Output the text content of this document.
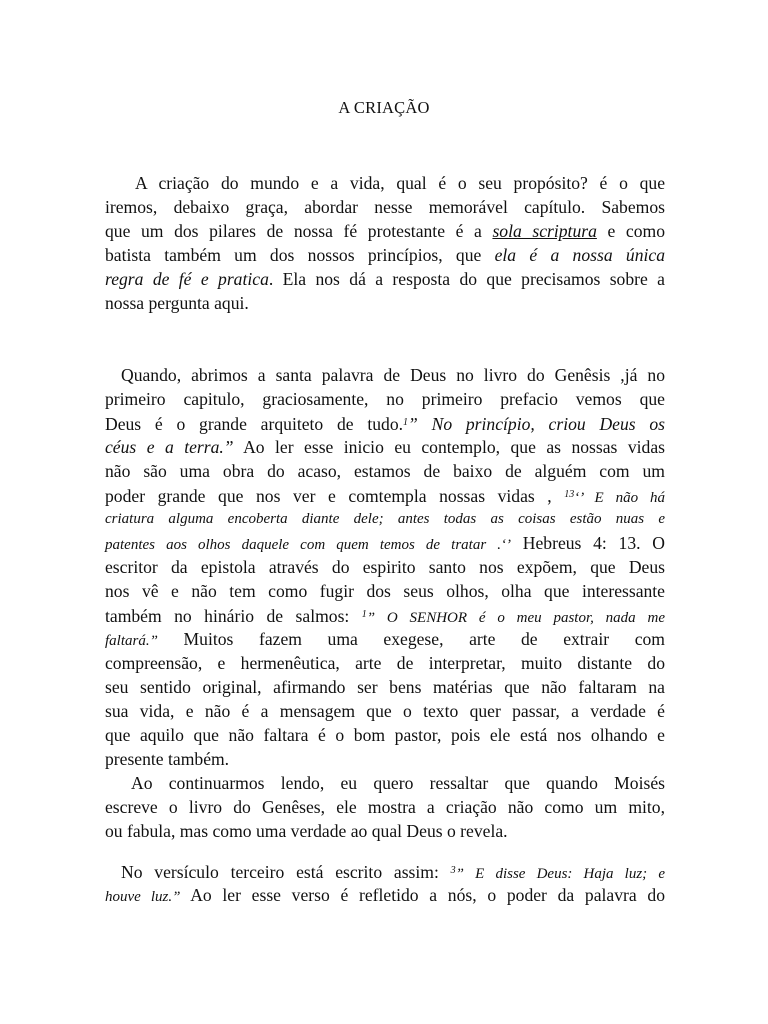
A CRIAÇÃO
A criação do mundo e a vida, qual é o seu propósito? é o que
iremos, debaixo graça, abordar nesse memorável capítulo. Sabemos
que um dos pilares de nossa fé protestante é a sola scriptura e como
batista também um dos nossos princípios, que ela é a nossa única
regra de fé e pratica. Ela nos dá a resposta do que precisamos sobre a
nossa pergunta aqui.
Quando, abrimos a santa palavra de Deus no livro do Genêsis ,já no
primeiro capitulo, graciosamente, no primeiro prefacio vemos que
Deus é o grande arquiteto de tudo.$^1$” No princípio, criou Deus os
céus e a terra.” Ao ler esse inicio eu contemplo, que as nossas vidas
não são uma obra do acaso, estamos de baixo de alguém com um
poder grande que nos ver e comtempla nossas vidas , $^{13}$‘’ E não há
criatura alguma encoberta diante dele; antes todas as coisas estão nuas e
patentes aos olhos daquele com quem temos de tratar .‘’ Hebreus 4: 13. O
escritor da epistola através do espirito santo nos expõem, que Deus
nos vê e não tem como fugir dos seus olhos, olha que interessante
também no hinário de salmos: $^1$” O SENHOR é o meu pastor, nada me
faltará.” Muitos fazem uma exegese, arte de extrair com
compreensão, e hermenêutica, arte de interpretar, muito distante do
seu sentido original, afirmando ser bens matérias que não faltaram na
sua vida, e não é a mensagem que o texto quer passar, a verdade é
que aquilo que não faltara é o bom pastor, pois ele está nos olhando e
presente também.
Ao continuarmos lendo, eu quero ressaltar que quando Moisés
escreve o livro do Genêses, ele mostra a criação não como um mito,
ou fabula, mas como uma verdade ao qual Deus o revela.
No versículo terceiro está escrito assim: $^3$” E disse Deus: Haja luz; e
houve luz.” Ao ler esse verso é refletido a nós, o poder da palavra do
